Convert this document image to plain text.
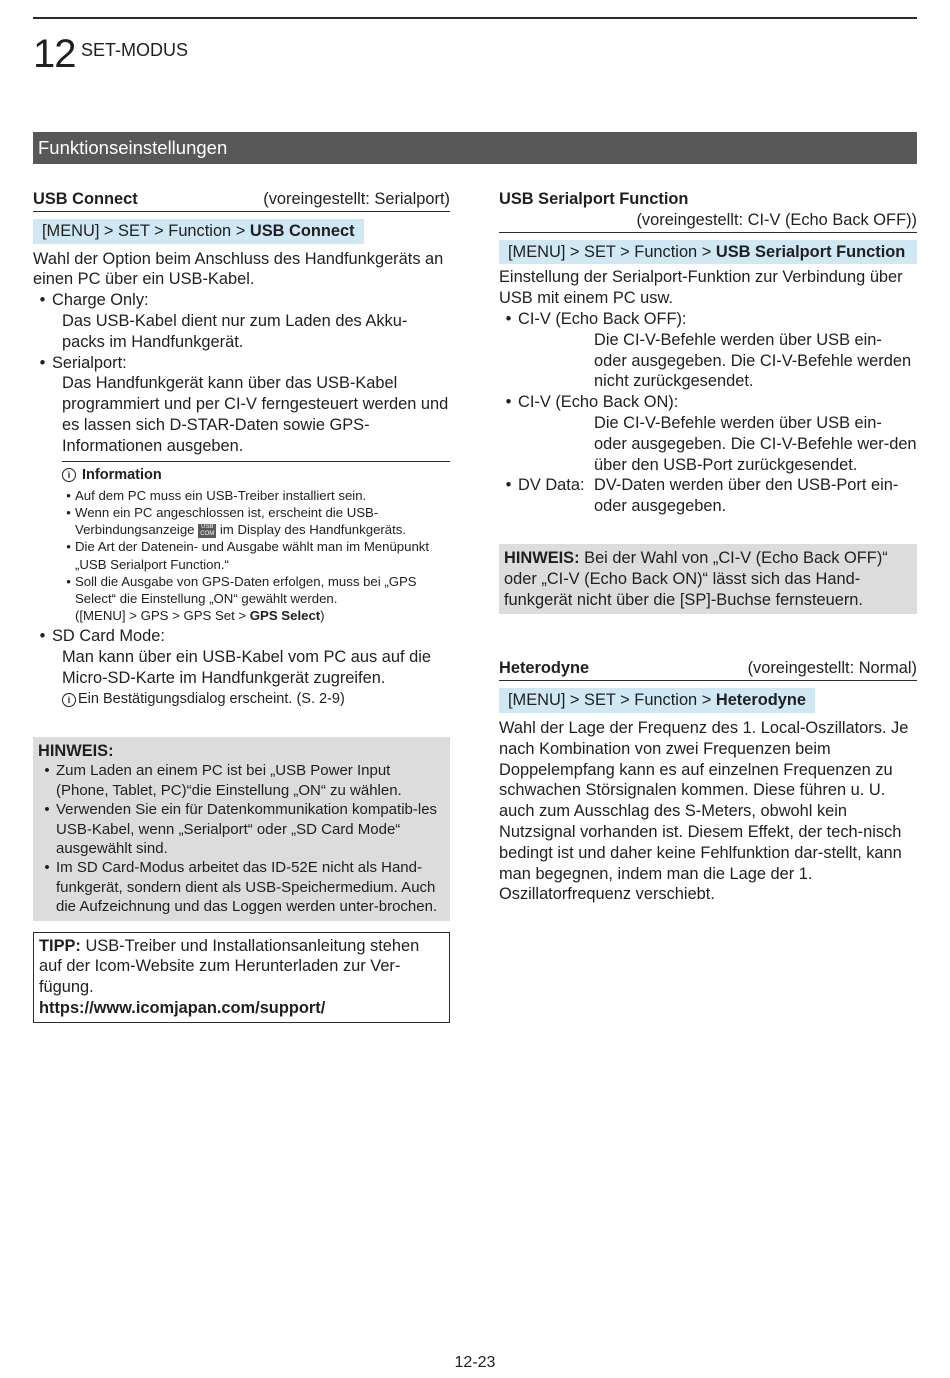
12 SET-MODUS
Funktionseinstellungen
USB Connect	(voreingestellt: Serialport)
[MENU] > SET > Function > USB Connect

Wahl der Option beim Anschluss des Handfunkgeräts an einen PC über ein USB-Kabel.

• Charge Only:

Das USB-Kabel dient nur zum Laden des Akku-packs im Handfunkgerät.

• Serialport:

Das Handfunkgerät kann über das USB-Kabel programmiert und per CI-V ferngesteuert werden und es lassen sich D-STAR-Daten sowie GPS-Informationen ausgeben.

i Information
• Auf dem PC muss ein USB-Treiber installiert sein.
• Wenn ein PC angeschlossen ist, erscheint die USB-Verbindungsanzeige USB
COM im Display des Handfunkgeräts.
• Die Art der Datenein- und Ausgabe wählt man im Menüpunkt „USB Serialport Function.“
• Soll die Ausgabe von GPS-Daten erfolgen, muss bei „GPS Select“ die Einstellung „ON“ gewählt werden.
([MENU] > GPS > GPS Set > GPS Select)
• SD Card Mode:

Man kann über ein USB-Kabel vom PC aus auf die Micro-SD-Karte im Handfunkgerät zugreifen.

i Ein Bestätigungsdialog erscheint. (S. 2-9)

HINWEIS:
• Zum Laden an einem PC ist bei „USB Power Input (Phone, Tablet, PC)“die Einstellung „ON“ zu wählen.
• Verwenden Sie ein für Datenkommunikation kompatib-les USB-Kabel, wenn „Serialport“ oder „SD Card Mode“ ausgewählt sind.
• Im SD Card-Modus arbeitet das ID-52E nicht als Hand-funkgerät, sondern dient als USB-Speichermedium. Auch die Aufzeichnung und das Loggen werden unter-brochen.
TIPP: USB-Treiber und Installationsanleitung stehen auf der Icom-Website zum Herunterladen zur Ver-fügung.
https://www.icomjapan.com/support/
USB Serialport Function
(voreingestellt: CI-V (Echo Back OFF))
[MENU] > SET > Function > USB Serialport Function

Einstellung der Serialport-Funktion zur Verbindung über USB mit einem PC usw.

• CI-V (Echo Back OFF):

Die CI-V-Befehle werden über USB ein- oder ausgegeben. Die CI-V-Befehle werden nicht zurückgesendet.

• CI-V (Echo Back ON):

Die CI-V-Befehle werden über USB ein- oder ausgegeben. Die CI-V-Befehle wer-den über den USB-Port zurückgesendet.

• DV Data: DV-Daten werden über den USB-Port ein- oder ausgegeben.
HINWEIS: Bei der Wahl von „CI-V (Echo Back OFF)“ oder „CI-V (Echo Back ON)“ lässt sich das Hand-funkgerät nicht über die [SP]-Buchse fernsteuern.
Heterodyne	(voreingestellt: Normal)
[MENU] > SET > Function > Heterodyne

Wahl der Lage der Frequenz des 1. Local-Oszillators. Je nach Kombination von zwei Frequenzen beim Doppelempfang kann es auf einzelnen Frequenzen zu schwachen Störsignalen kommen. Diese führen u. U. auch zum Ausschlag des S-Meters, obwohl kein Nutzsignal vorhanden ist. Diesem Effekt, der tech-nisch bedingt ist und daher keine Fehlfunktion dar-stellt, kann man begegnen, indem man die Lage der 1. Oszillatorfrequenz verschiebt.

12-23
